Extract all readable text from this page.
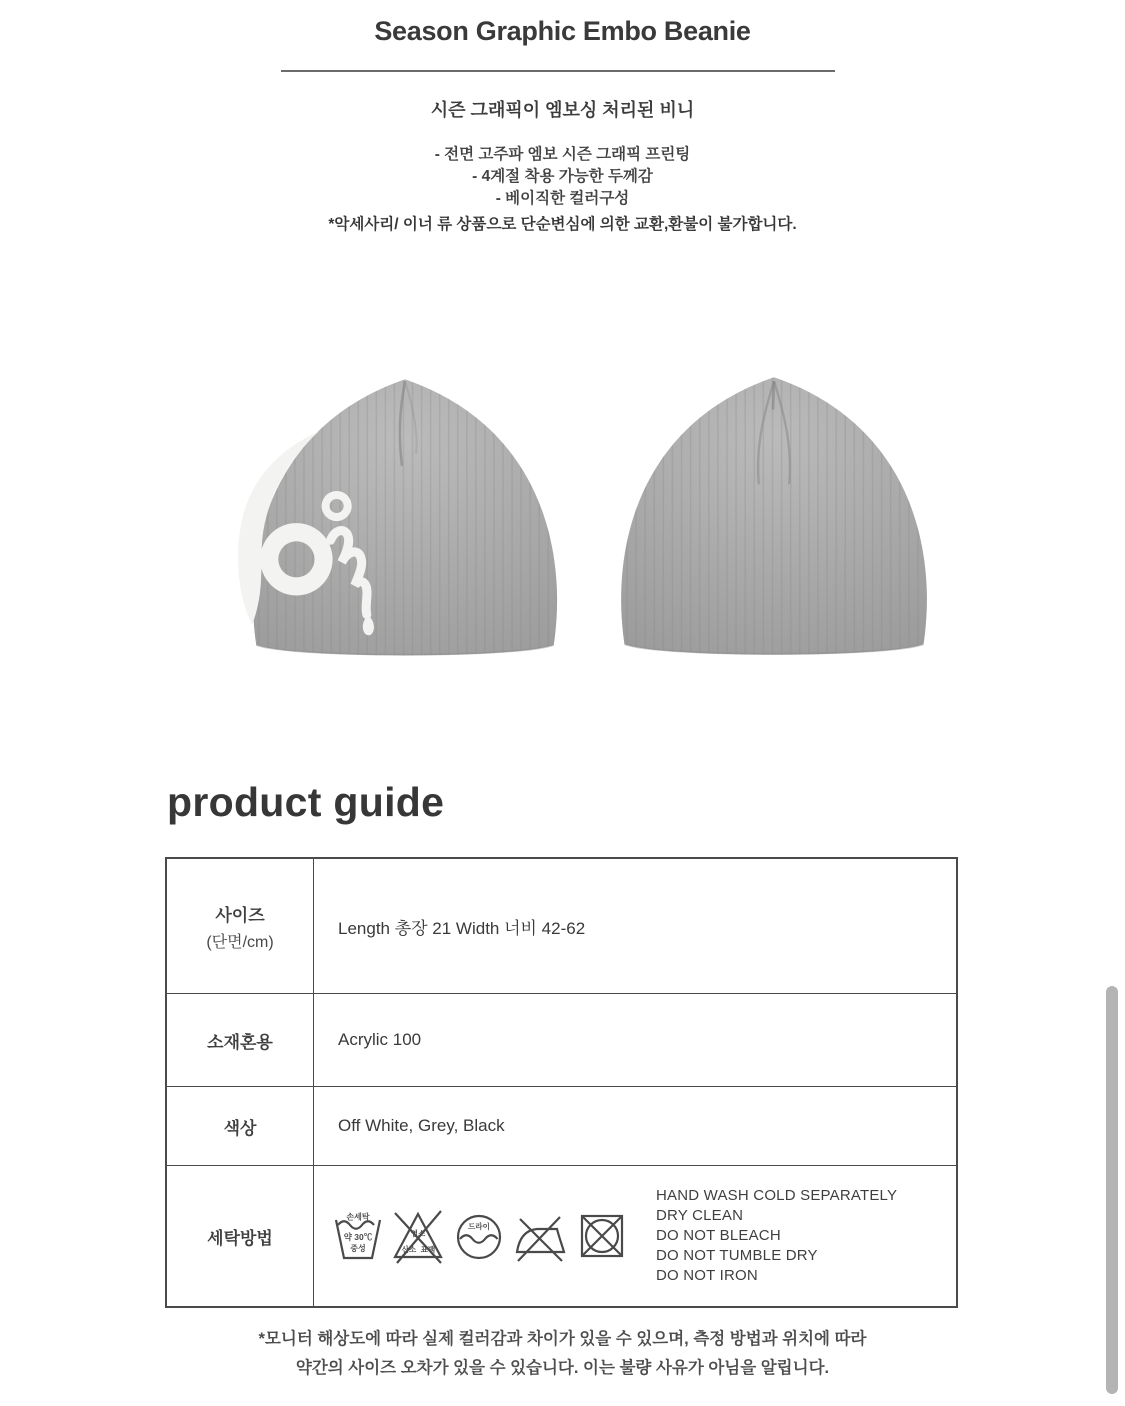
Season Graphic Embo Beanie
시즌 그래픽이 엠보싱 처리된 비니
- 전면 고주파 엠보 시즌 그래픽 프린팅
- 4계절 착용 가능한 두께감
- 베이직한 컬러구성
*악세사리/ 이너 류 상품으로 단순변심에 의한 교환,환불이 불가합니다.
product guide
사이즈
(단면/cm)
Length 총장 21 Width 너비 42-62
소재혼용	Acrylic 100
색상	Off White, Grey, Black
세탁방법
손세탁
약 30℃
중성
염소
산소 표백
드라이
HAND WASH COLD SEPARATELY
DRY CLEAN
DO NOT BLEACH
DO NOT TUMBLE DRY
DO NOT IRON
*모니터 해상도에 따라 실제 컬러감과 차이가 있을 수 있으며, 측정 방법과 위치에 따라
약간의 사이즈 오차가 있을 수 있습니다. 이는 불량 사유가 아님을 알립니다.
